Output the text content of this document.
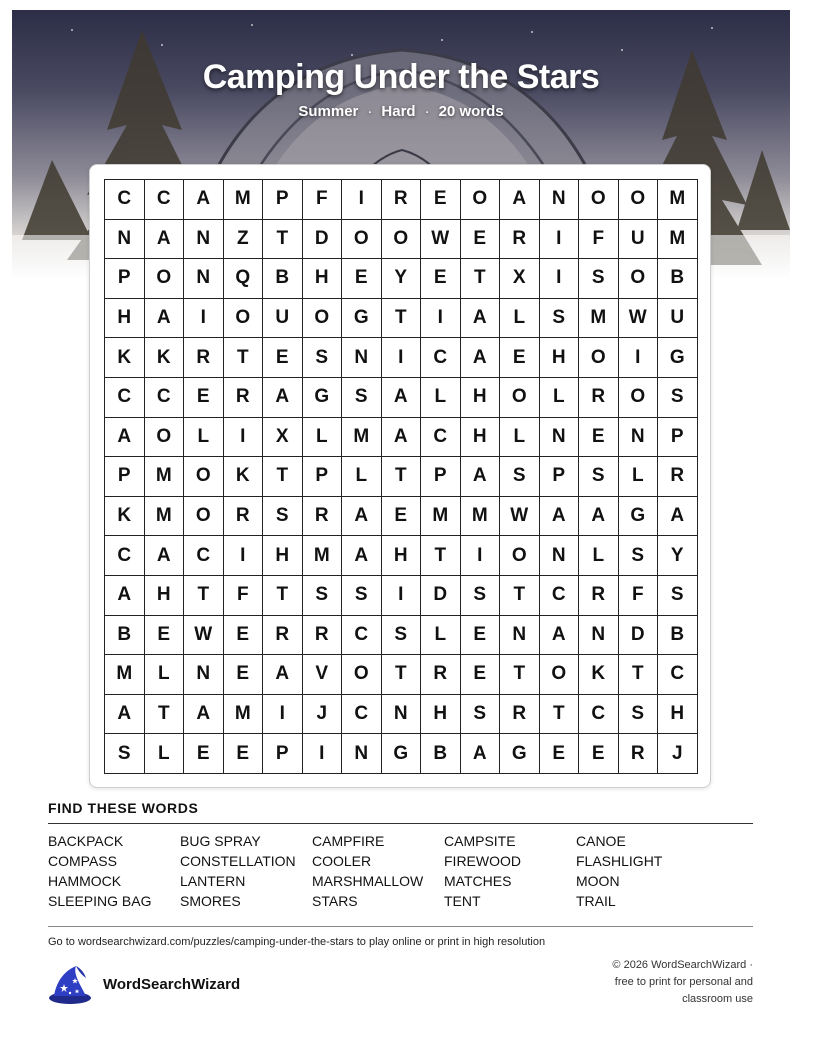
Camping Under the Stars
Summer · Hard · 20 words
C	C	A	M	P	F	I	R	E	O	A	N	O	O	M
N	A	N	Z	T	D	O	O	W	E	R	I	F	U	M
P	O	N	Q	B	H	E	Y	E	T	X	I	S	O	B
H	A	I	O	U	O	G	T	I	A	L	S	M	W	U
K	K	R	T	E	S	N	I	C	A	E	H	O	I	G
C	C	E	R	A	G	S	A	L	H	O	L	R	O	S
A	O	L	I	X	L	M	A	C	H	L	N	E	N	P
P	M	O	K	T	P	L	T	P	A	S	P	S	L	R
K	M	O	R	S	R	A	E	M	M	W	A	A	G	A
C	A	C	I	H	M	A	H	T	I	O	N	L	S	Y
A	H	T	F	T	S	S	I	D	S	T	C	R	F	S
B	E	W	E	R	R	C	S	L	E	N	A	N	D	B
M	L	N	E	A	V	O	T	R	E	T	O	K	T	C
A	T	A	M	I	J	C	N	H	S	R	T	C	S	H
S	L	E	E	P	I	N	G	B	A	G	E	E	R	J
FIND THESE WORDS
BACKPACK	BUG SPRAY	CAMPFIRE	CAMPSITE	CANOE
COMPASS	CONSTELLATION	COOLER	FIREWOOD	FLASHLIGHT
HAMMOCK	LANTERN	MARSHMALLOW	MATCHES	MOON
SLEEPING BAG	SMORES	STARS	TENT	TRAIL
Go to wordsearchwizard.com/puzzles/camping-under-the-stars to play online or print in high resolution
WordSearchWizard
© 2026 WordSearchWizard ·
free to print for personal and
classroom use
